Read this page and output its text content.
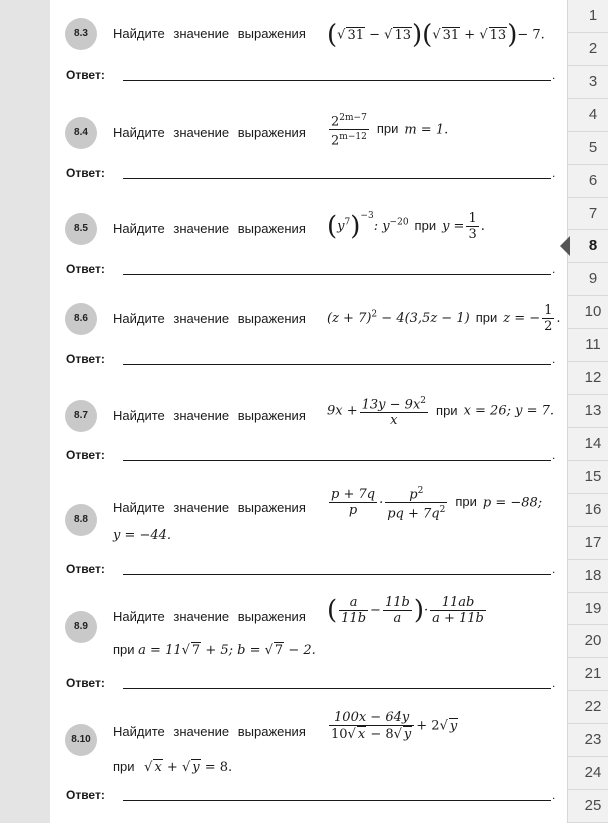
8.3	Найдите значение выражения (√ 31 − √ 13)(√ 31 + √ 13)− 7.
Ответ:	.
8.4	Найдите значение выражения $\frac{2^{2m-7}}{2^{m-12}}$ при m = 1.
Ответ:	.
8.5	Найдите значение выражения $(y^7)^{-3}$: $y^{-20}$ при $y = \frac{1}{3}$ .
Ответ:	.
8.6	Найдите значение выражения $(z + 7)^2 - 4(3,5z - 1)$ при z = − $\frac{1}{2}$ .
Ответ:	.
8.7	Найдите значение выражения $9x + \frac{13y - 9x^2}{x}$ при x = 26; y = 7.
Ответ:	.
8.8
Найдите значение выражения $\frac{p + 7q}{p} \cdot \frac{p^2}{pq + 7q^2}$ при p = −88;
y = −44.
Ответ:	.
8.9
Найдите значение выражения ( $\frac{a}{11b} - \frac{11b}{a}$ )· $\frac{11ab}{a + 11b}$
при a = 11√ 7 + 5; b = √ 7 − 2.
Ответ:	.
8.10
Найдите значение выражения $\frac{100x - 64y}{10√ x - 8√ y} + 2√$ y
при √ x + √ y = 8.
Ответ:	.
1
2
3
4
5
6
7
8
9
10
11
12
13
14
15
16
17
18
19
20
21
22
23
24
25
